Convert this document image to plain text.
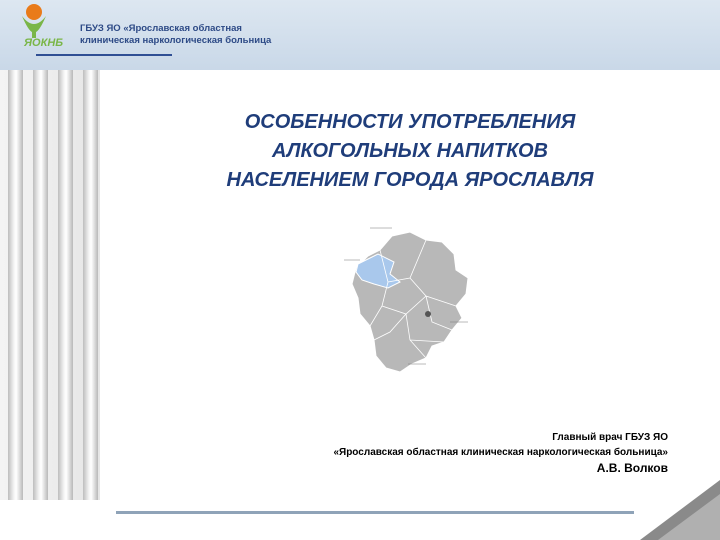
ЯОКНБ
ГБУЗ ЯО «Ярославская областная
клиническая наркологическая больница
ОСОБЕННОСТИ УПОТРЕБЛЕНИЯ
АЛКОГОЛЬНЫХ НАПИТКОВ
НАСЕЛЕНИЕМ ГОРОДА ЯРОСЛАВЛЯ
Главный врач ГБУЗ ЯО
«Ярославская областная клиническая наркологическая больница»
А.В. Волков
